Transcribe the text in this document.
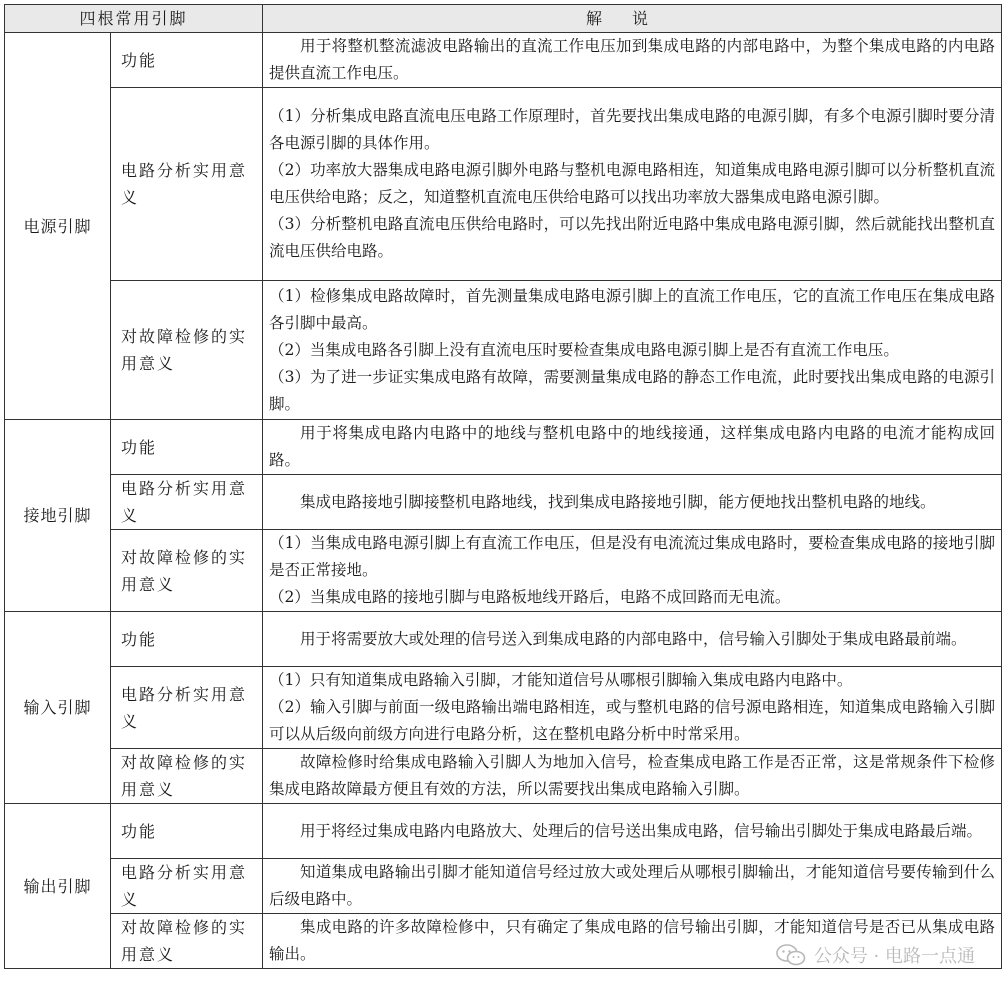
四根常用引脚		解说
电源引脚	功能	用于将整机整流滤波电路输出的直流工作电压加到集成电路的内部电路中，为整个集成电路的内电路提供直流工作电压。

	电路分析实用意义	（1）分析集成电路直流电压电路工作原理时，首先要找出集成电路的电源引脚，有多个电源引脚时要分清各电源引脚的具体作用。

（2）功率放大器集成电路电源引脚外电路与整机电源电路相连，知道集成电路电源引脚可以分析整机直流电压供给电路；反之，知道整机直流电压供给电路可以找出功率放大器集成电路电源引脚。

（3）分析整机电路直流电压供给电路时，可以先找出附近电路中集成电路电源引脚，然后就能找出整机直流电压供给电路。

	对故障检修的实用意义	（1）检修集成电路故障时，首先测量集成电路电源引脚上的直流工作电压，它的直流工作电压在集成电路各引脚中最高。

（2）当集成电路各引脚上没有直流电压时要检查集成电路电源引脚上是否有直流工作电压。

（3）为了进一步证实集成电路有故障，需要测量集成电路的静态工作电流，此时要找出集成电路的电源引脚。

接地引脚	功能	用于将集成电路内电路中的地线与整机电路中的地线接通，这样集成电路内电路的电流才能构成回路。

	电路分析实用意义	集成电路接地引脚接整机电路地线，找到集成电路接地引脚，能方便地找出整机电路的地线。

	对故障检修的实用意义	（1）当集成电路电源引脚上有直流工作电压，但是没有电流流过集成电路时，要检查集成电路的接地引脚是否正常接地。

（2）当集成电路的接地引脚与电路板地线开路后，电路不成回路而无电流。

输入引脚	功能	用于将需要放大或处理的信号送入到集成电路的内部电路中，信号输入引脚处于集成电路最前端。

	电路分析实用意义	（1）只有知道集成电路输入引脚，才能知道信号从哪根引脚输入集成电路内电路中。

（2）输入引脚与前面一级电路输出端电路相连，或与整机电路的信号源电路相连，知道集成电路输入引脚可以从后级向前级方向进行电路分析，这在整机电路分析中时常采用。

	对故障检修的实用意义	故障检修时给集成电路输入引脚人为地加入信号，检查集成电路工作是否正常，这是常规条件下检修集成电路故障最方便且有效的方法，所以需要找出集成电路输入引脚。

输出引脚	功能	用于将经过集成电路内电路放大、处理后的信号送出集成电路，信号输出引脚处于集成电路最后端。

	电路分析实用意义	知道集成电路输出引脚才能知道信号经过放大或处理后从哪根引脚输出，才能知道信号要传输到什么后级电路中。

	对故障检修的实用意义	集成电路的许多故障检修中，只有确定了集成电路的信号输出引脚，才能知道信号是否已从集成电路输出。	公众号 · 电路一点通
